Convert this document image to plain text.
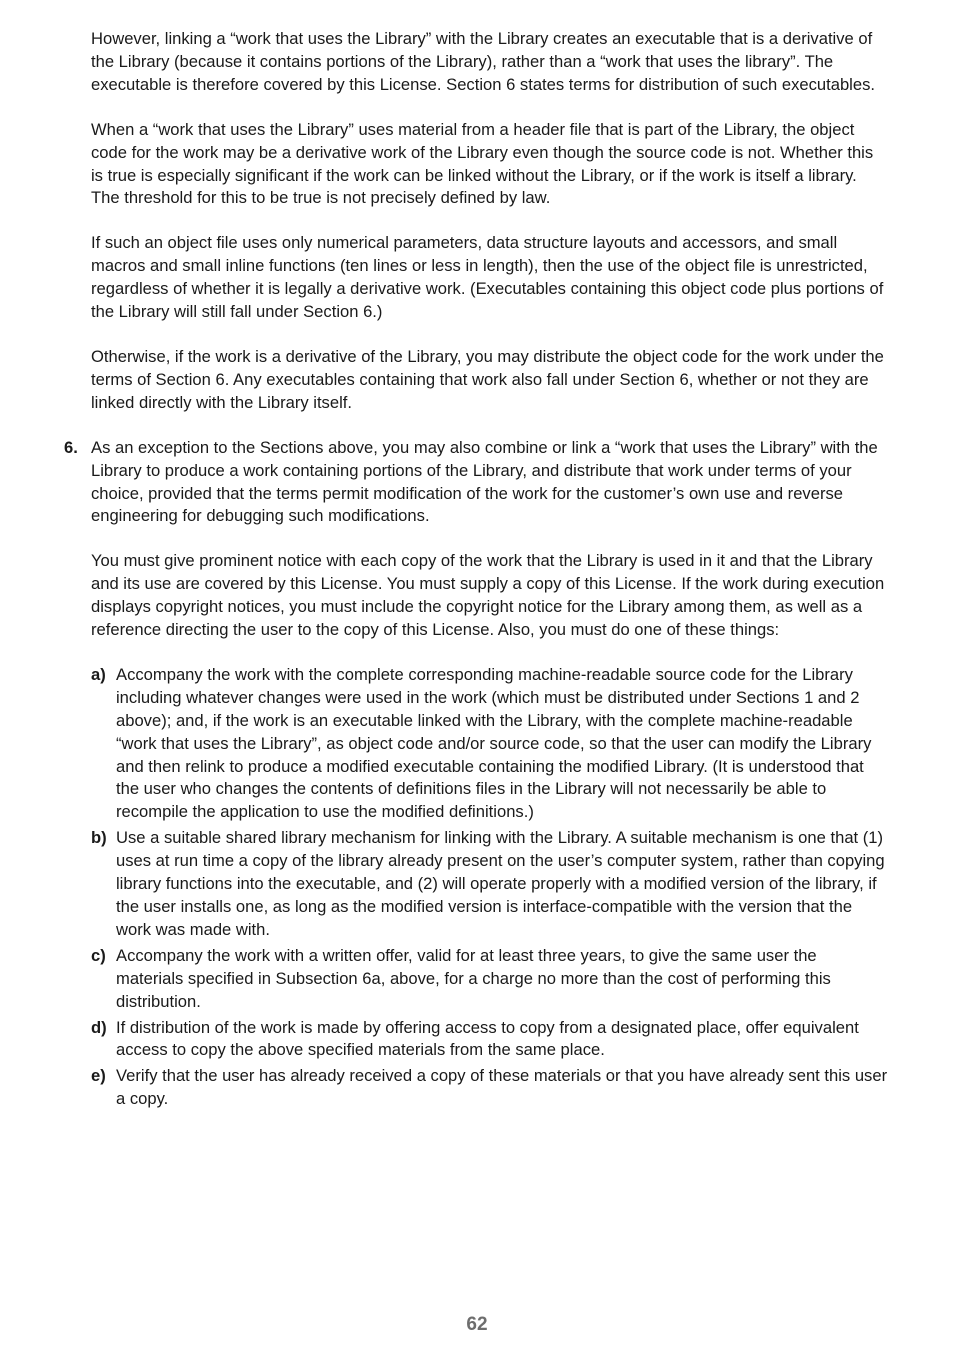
However, linking a “work that uses the Library” with the Library creates an executable that is a derivative of the Library (because it contains portions of the Library), rather than a “work that uses the library”. The executable is therefore covered by this License. Section 6 states terms for distribution of such executables.

When a “work that uses the Library” uses material from a header file that is part of the Library, the object code for the work may be a derivative work of the Library even though the source code is not. Whether this is true is especially significant if the work can be linked without the Library, or if the work is itself a library. The threshold for this to be true is not precisely defined by law.

If such an object file uses only numerical parameters, data structure layouts and accessors, and small macros and small inline functions (ten lines or less in length), then the use of the object file is unrestricted, regardless of whether it is legally a derivative work. (Executables containing this object code plus portions of the Library will still fall under Section 6.)

Otherwise, if the work is a derivative of the Library, you may distribute the object code for the work under the terms of Section 6. Any executables containing that work also fall under Section 6, whether or not they are linked directly with the Library itself.

6. As an exception to the Sections above, you may also combine or link a “work that uses the Library” with the Library to produce a work containing portions of the Library, and distribute that work under terms of your choice, provided that the terms permit modification of the work for the customer’s own use and reverse engineering for debugging such modifications.

You must give prominent notice with each copy of the work that the Library is used in it and that the Library and its use are covered by this License. You must supply a copy of this License. If the work during execution displays copyright notices, you must include the copyright notice for the Library among them, as well as a reference directing the user to the copy of this License. Also, you must do one of these things:

a) Accompany the work with the complete corresponding machine-readable source code for the Library including whatever changes were used in the work (which must be distributed under Sections 1 and 2 above); and, if the work is an executable linked with the Library, with the complete machine-readable “work that uses the Library”, as object code and/or source code, so that the user can modify the Library and then relink to produce a modified executable containing the modified Library. (It is understood that the user who changes the contents of definitions files in the Library will not necessarily be able to recompile the application to use the modified definitions.)
b) Use a suitable shared library mechanism for linking with the Library. A suitable mechanism is one that (1) uses at run time a copy of the library already present on the user’s computer system, rather than copying library functions into the executable, and (2) will operate properly with a modified version of the library, if the user installs one, as long as the modified version is interface-compatible with the version that the work was made with.
c) Accompany the work with a written offer, valid for at least three years, to give the same user the materials specified in Subsection 6a, above, for a charge no more than the cost of performing this distribution.
d) If distribution of the work is made by offering access to copy from a designated place, offer equivalent access to copy the above specified materials from the same place.
e) Verify that the user has already received a copy of these materials or that you have already sent this user a copy.
62
